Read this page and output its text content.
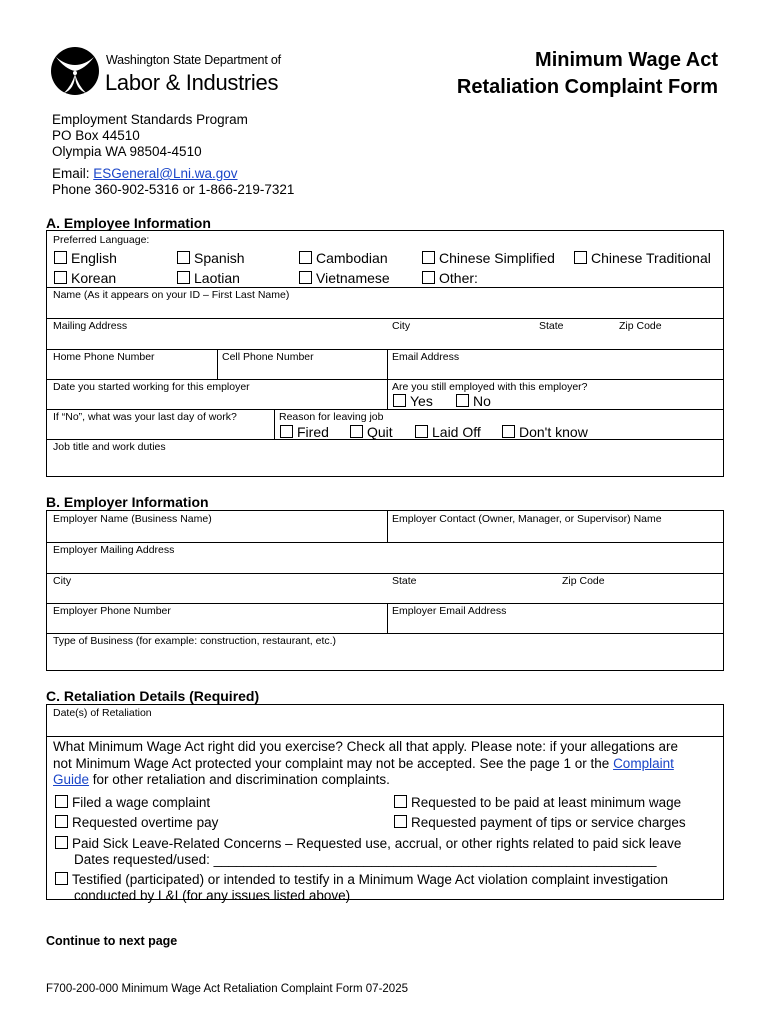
Washington State Department of
Labor & Industries
Minimum Wage Act
Retaliation Complaint Form
Employment Standards Program
PO Box 44510
Olympia WA 98504-4510
Email: ESGeneral@Lni.wa.gov
Phone 360-902-5316 or 1-866-219-7321
A. Employee Information
Preferred Language:
English	Spanish	Cambodian	Chinese Simplified	Chinese Traditional
Korean	Laotian	Vietnamese	Other:
Name (As it appears on your ID – First Last Name)
Mailing Address	City	State	Zip Code
Home Phone Number	Cell Phone Number	Email Address
Date you started working for this employer	Are you still employed with this employer?
Yes	No
If “No”, what was your last day of work?	Reason for leaving job
Fired	Quit	Laid Off	Don't know
Job title and work duties
B. Employer Information
Employer Name (Business Name)	Employer Contact (Owner, Manager, or Supervisor) Name
Employer Mailing Address
City	State	Zip Code
Employer Phone Number	Employer Email Address
Type of Business (for example: construction, restaurant, etc.)
C. Retaliation Details (Required)
Date(s) of Retaliation
What Minimum Wage Act right did you exercise? Check all that apply. Please note: if your allegations are
not Minimum Wage Act protected your complaint may not be accepted. See the page 1 or the Complaint
Guide for other retaliation and discrimination complaints.
Filed a wage complaint	Requested to be paid at least minimum wage
Requested overtime pay	Requested payment of tips or service charges
Paid Sick Leave-Related Concerns – Requested use, accrual, or other rights related to paid sick leave
Dates requested/used: ___________________________________________________________
Testified (participated) or intended to testify in a Minimum Wage Act violation complaint investigation
conducted by L&I (for any issues listed above)
Continue to next page
F700-200-000 Minimum Wage Act Retaliation Complaint Form 07-2025
